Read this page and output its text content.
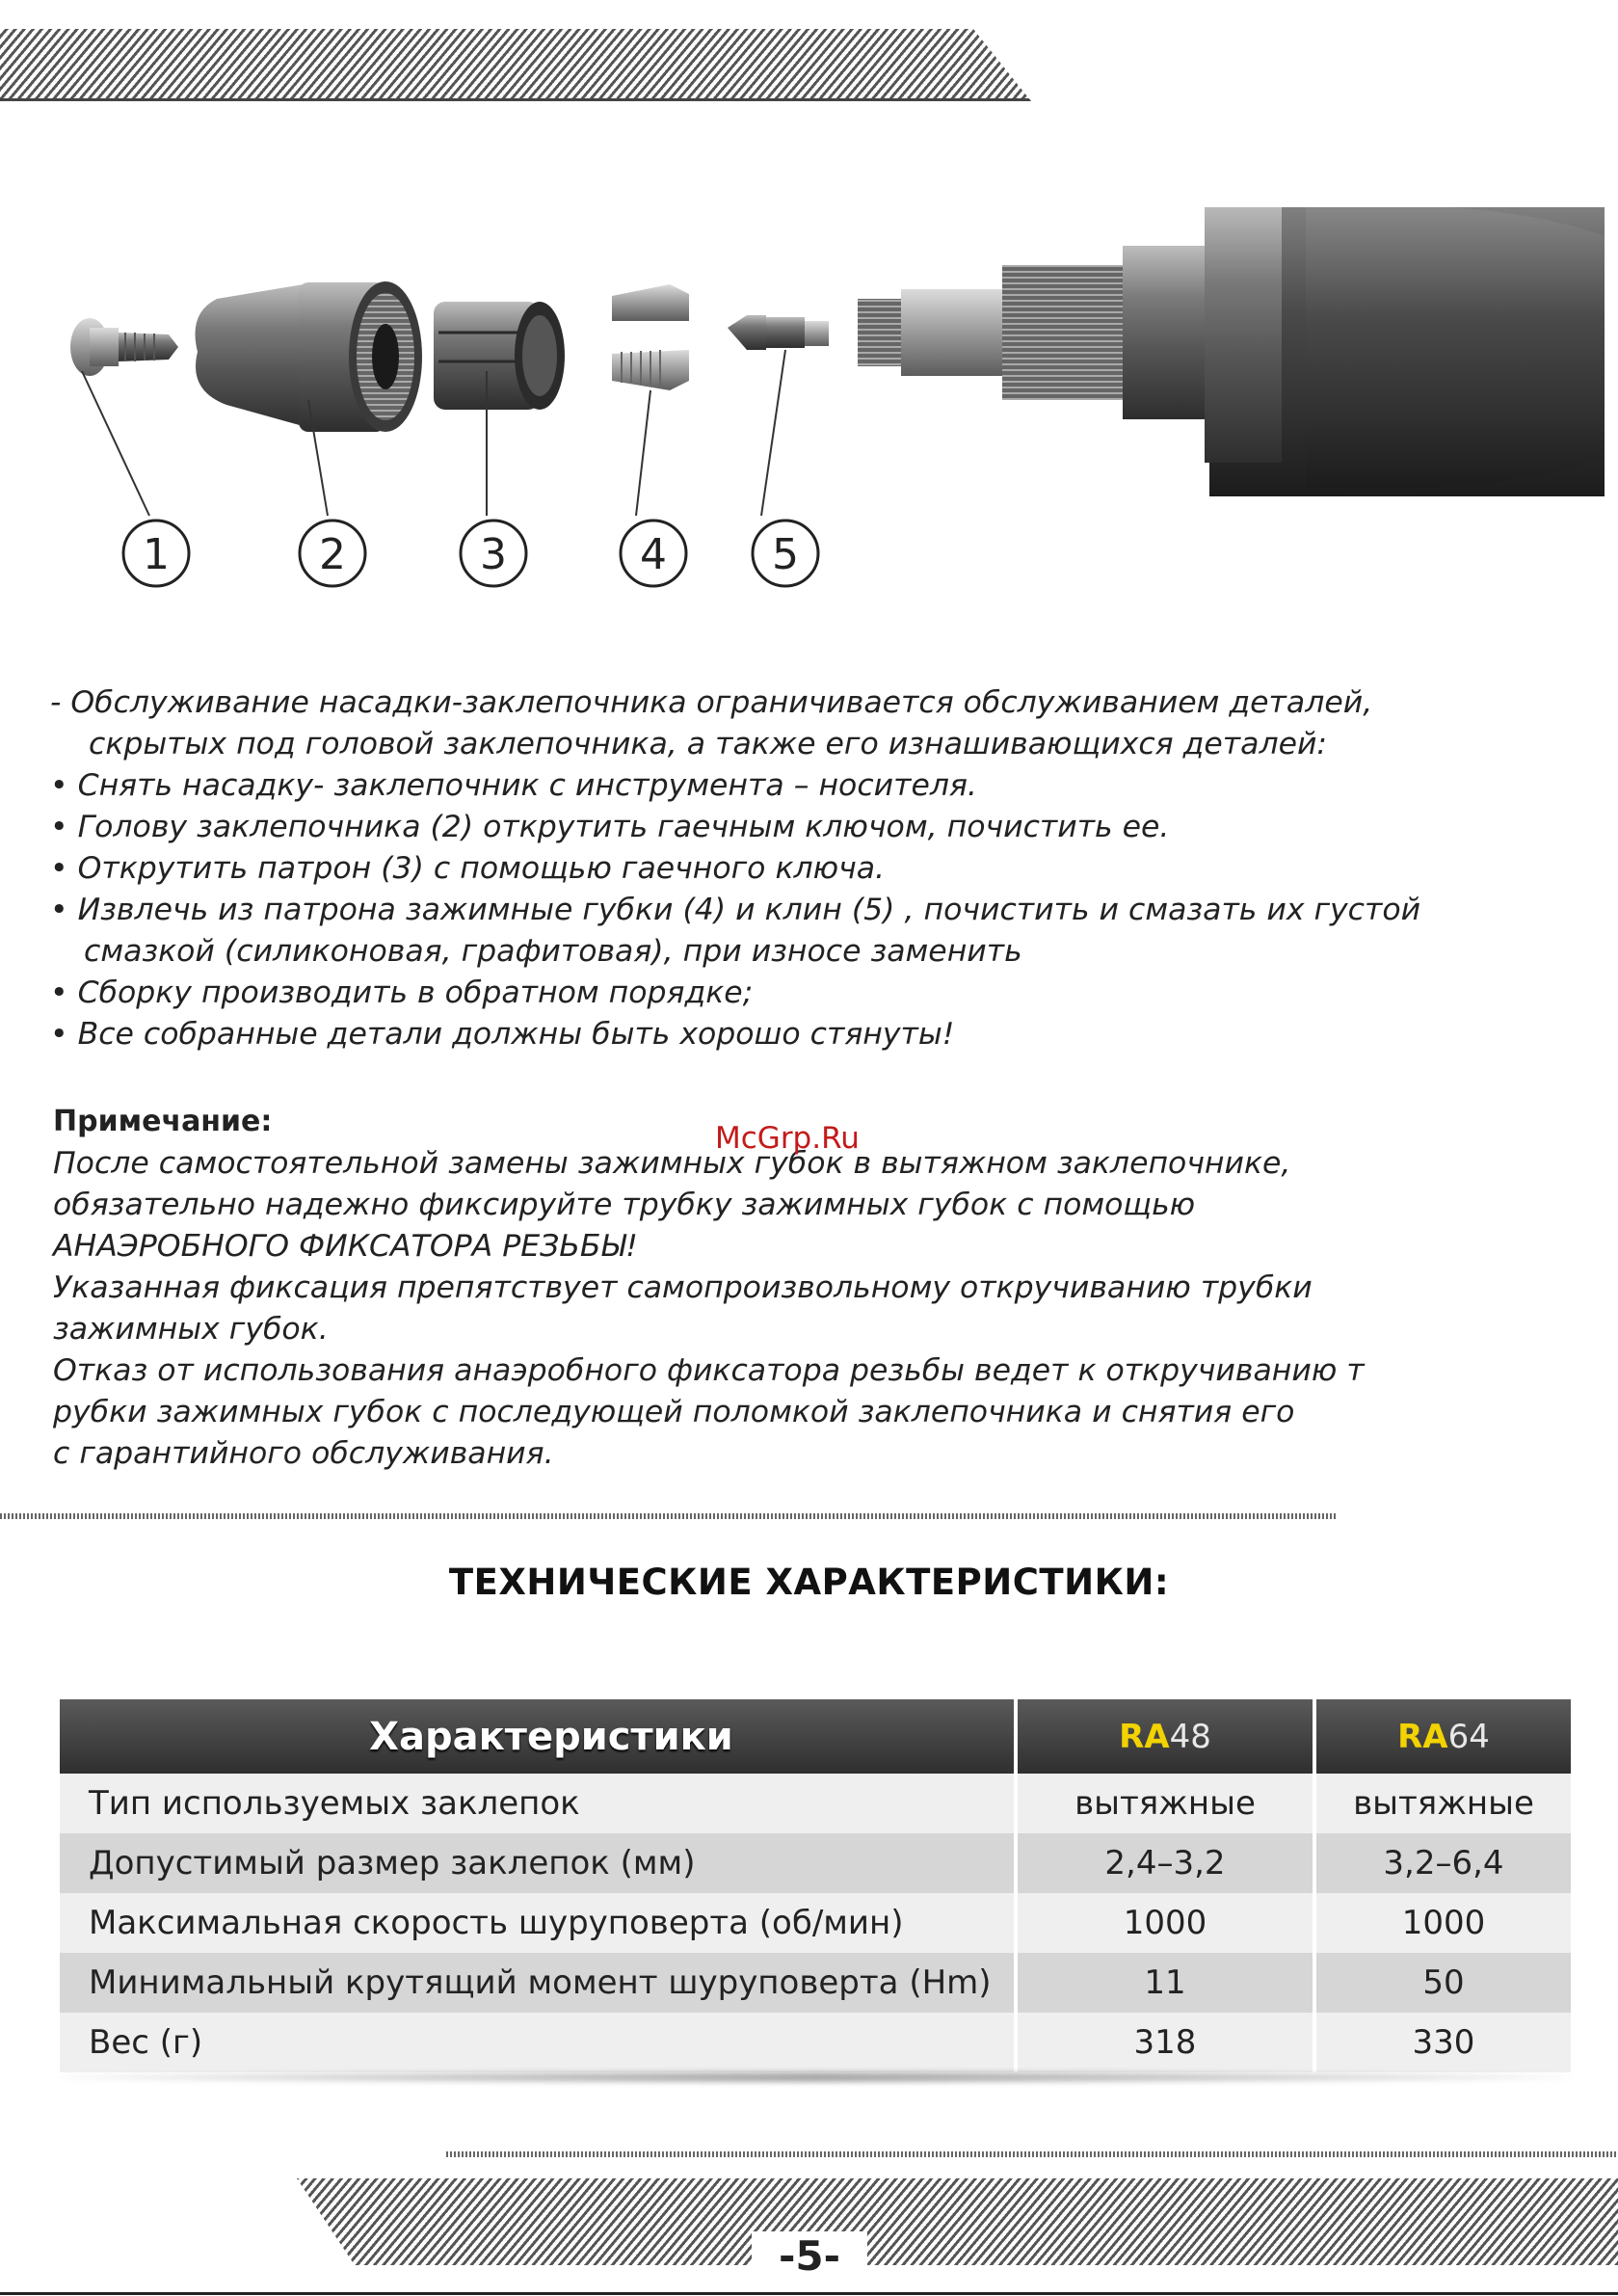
1	2	3	4 5
- Обслуживание насадки-заклепочника ограничивается обслуживанием деталей,
скрытых под головой заклепочника, а также его изнашивающихся деталей:
• Снять насадку- заклепочник с инструмента – носителя.
• Голову заклепочника (2) открутить гаечным ключом, почистить ее.
• Открутить патрон (3) с помощью гаечного ключа.
• Извлечь из патрона зажимные губки (4) и клин (5) , почистить и смазать их густой
смазкой (силиконовая, графитовая), при износе заменить
• Сборку производить в обратном порядке;
• Все собранные детали должны быть хорошо стянуты!
Примечание:
После самостоятельной замены зажимных губок в вытяжном заклепочнике,
обязательно надежно фиксируйте трубку зажимных губок с помощью
АНАЭРОБНОГО ФИКСАТОРА РЕЗЬБЫ!
Указанная фиксация препятствует самопроизвольному откручиванию трубки
зажимных губок.
Отказ от использования анаэробного фиксатора резьбы ведет к откручиванию т
рубки зажимных губок с последующей поломкой заклепочника и снятия его
с гарантийного обслуживания.
McGrp.Ru
ТЕХНИЧЕСКИЕ ХАРАКТЕРИСТИКИ:
Характеристики	RA 48	RA 64
Тип используемых заклепок	вытяжные	вытяжные
Допустимый размер заклепок (мм)	2,4–3,2	3,2–6,4
Максимальная скорость шуруповерта (об/мин)	1000	1000
Минимальный крутящий момент шуруповерта (Hm)	11	50
Вес (г)	318	330
-5-
